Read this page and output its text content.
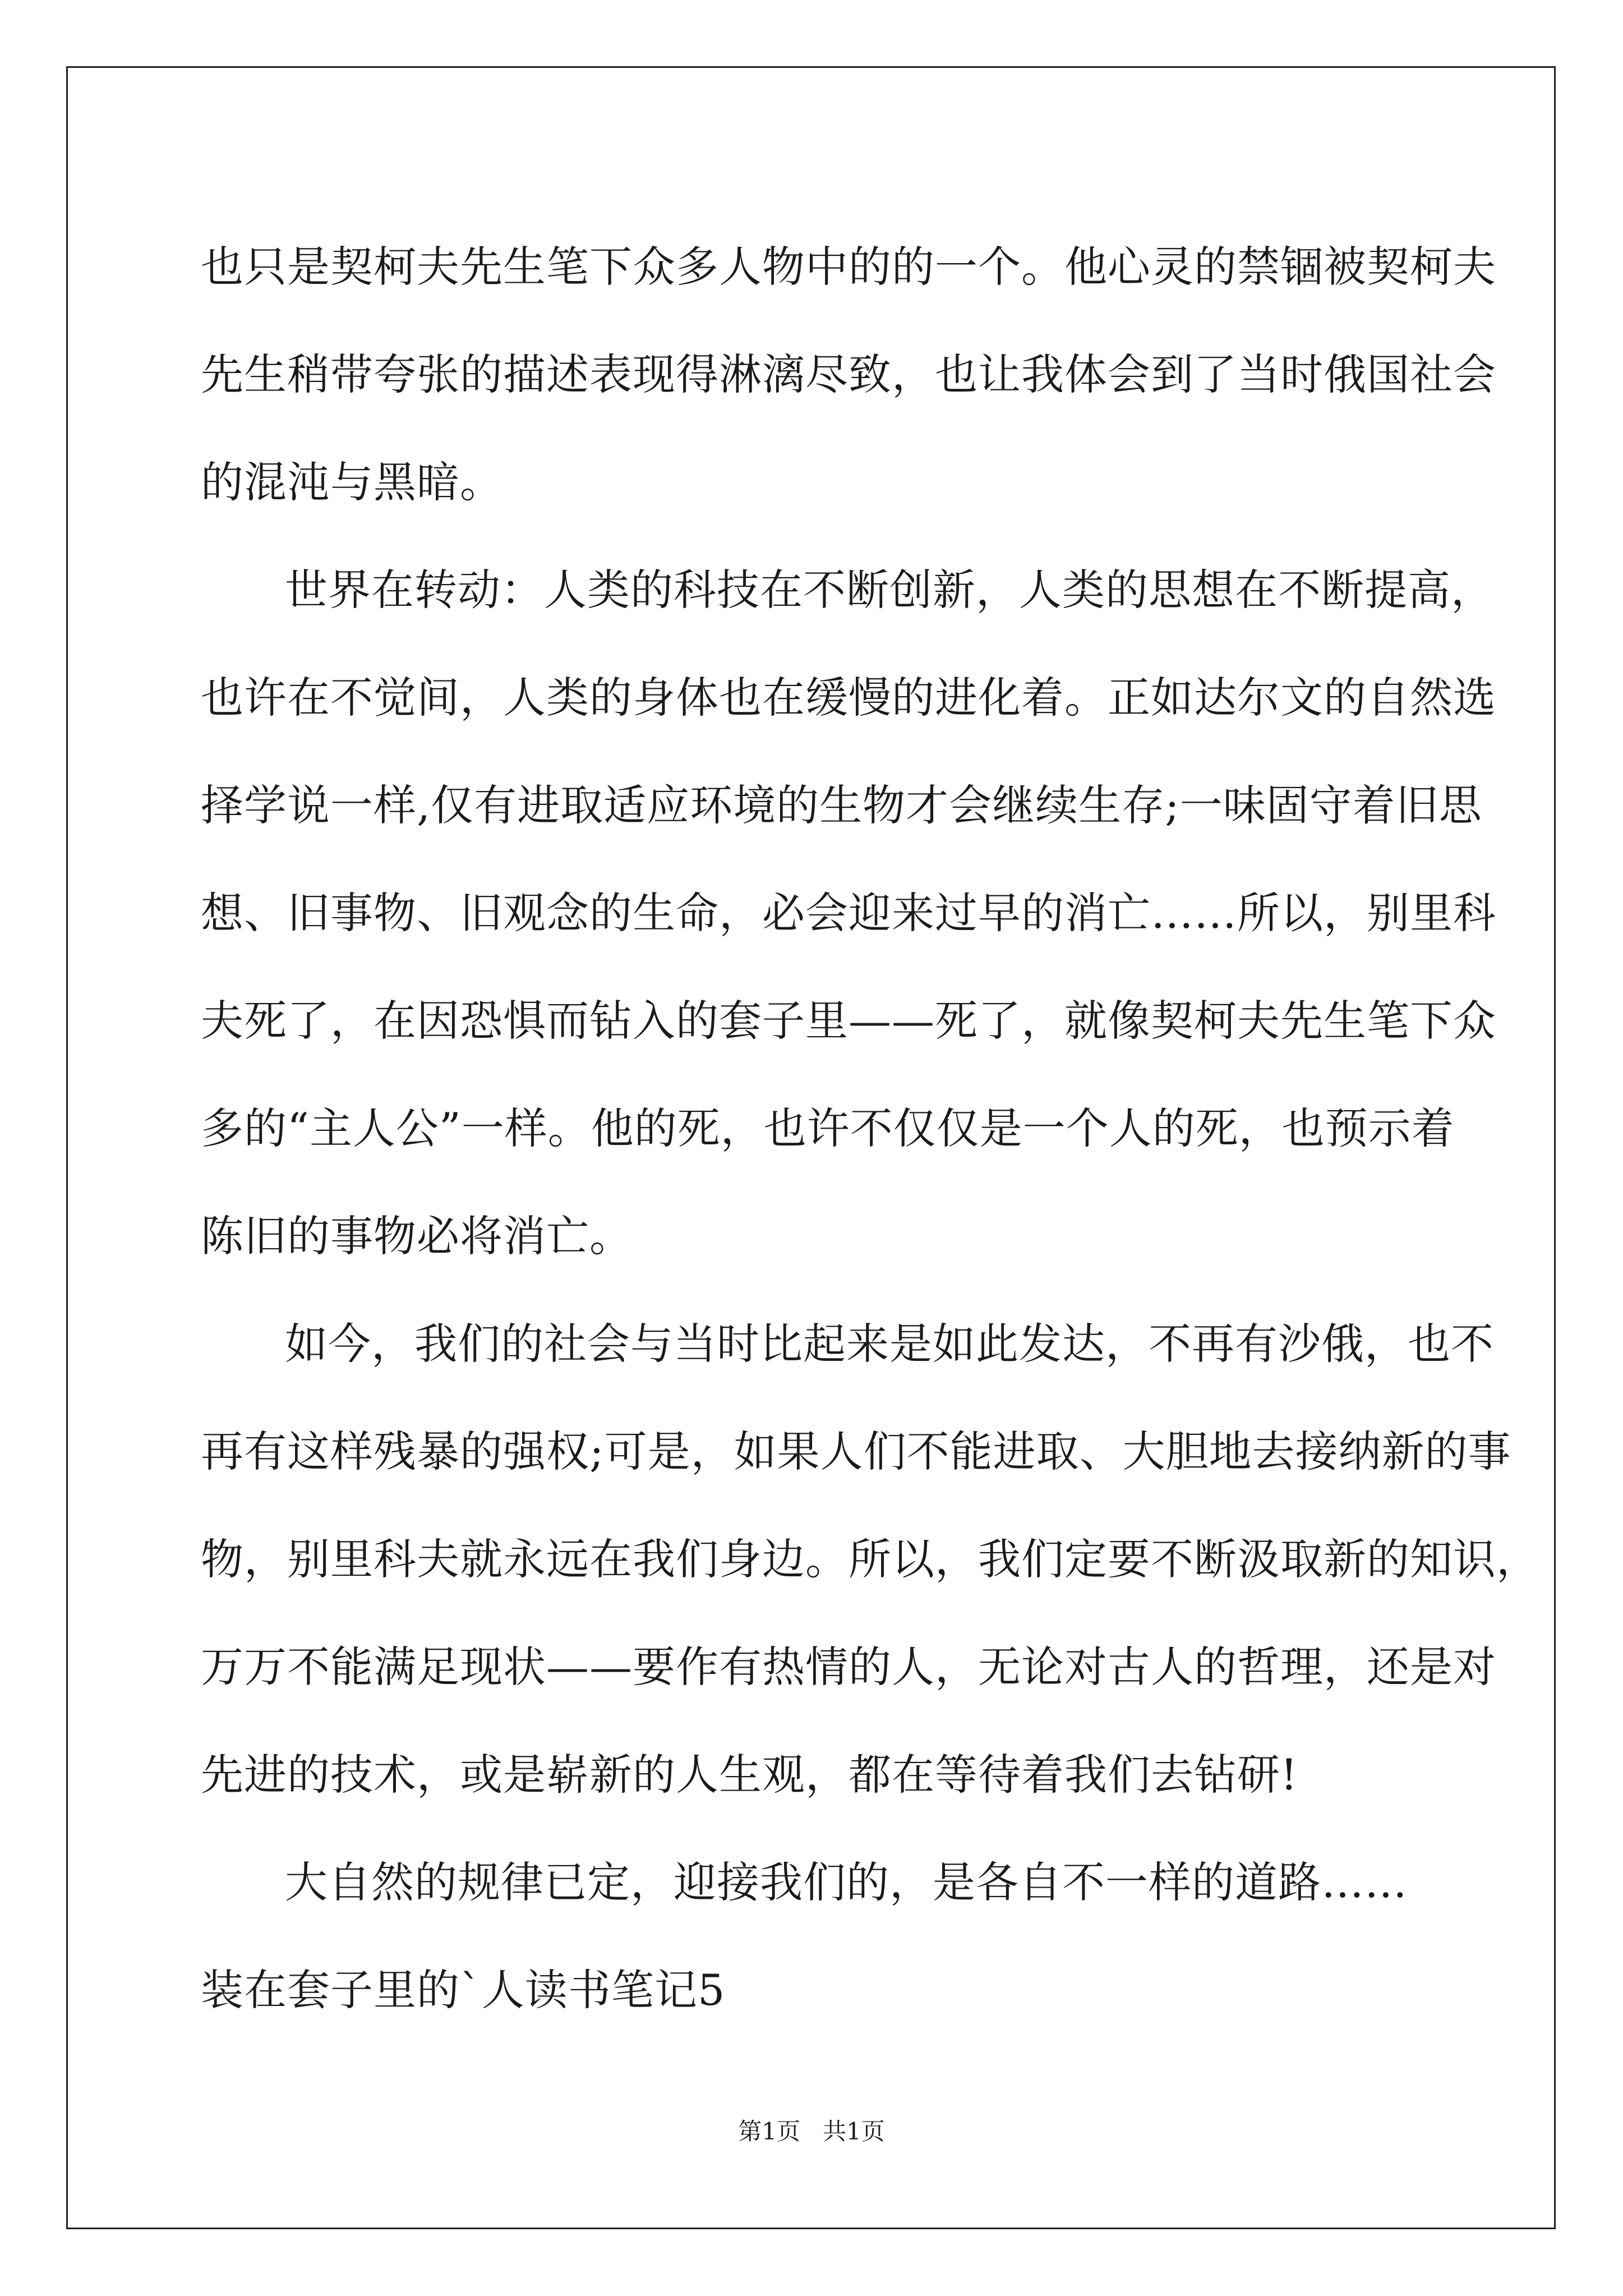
也只是契柯夫先生笔下众多人物中的的一个。他心灵的禁锢被契柯夫
先生稍带夸张的描述表现得淋漓尽致，也让我体会到了当时俄国社会
的混沌与黑暗。
世界在转动：人类的科技在不断创新，人类的思想在不断提高，
也许在不觉间，人类的身体也在缓慢的进化着。正如达尔文的自然选
择学说一样,仅有进取适应环境的生物才会继续生存;一味固守着旧思
想、旧事物、旧观念的生命，必会迎来过早的消亡……所以，别里科
夫死了，在因恐惧而钻入的套子里——死了，就像契柯夫先生笔下众
多的“主人公”一样。他的死，也许不仅仅是一个人的死，也预示着
陈旧的事物必将消亡。
如今，我们的社会与当时比起来是如此发达，不再有沙俄，也不
再有这样残暴的强权;可是，如果人们不能进取、大胆地去接纳新的事
物，别里科夫就永远在我们身边。所以，我们定要不断汲取新的知识，
万万不能满足现状——要作有热情的人，无论对古人的哲理，还是对
先进的技术，或是崭新的人生观，都在等待着我们去钻研!
大自然的规律已定，迎接我们的，是各自不一样的道路……
装在套子里的`人读书笔记5
第1页   共1页
